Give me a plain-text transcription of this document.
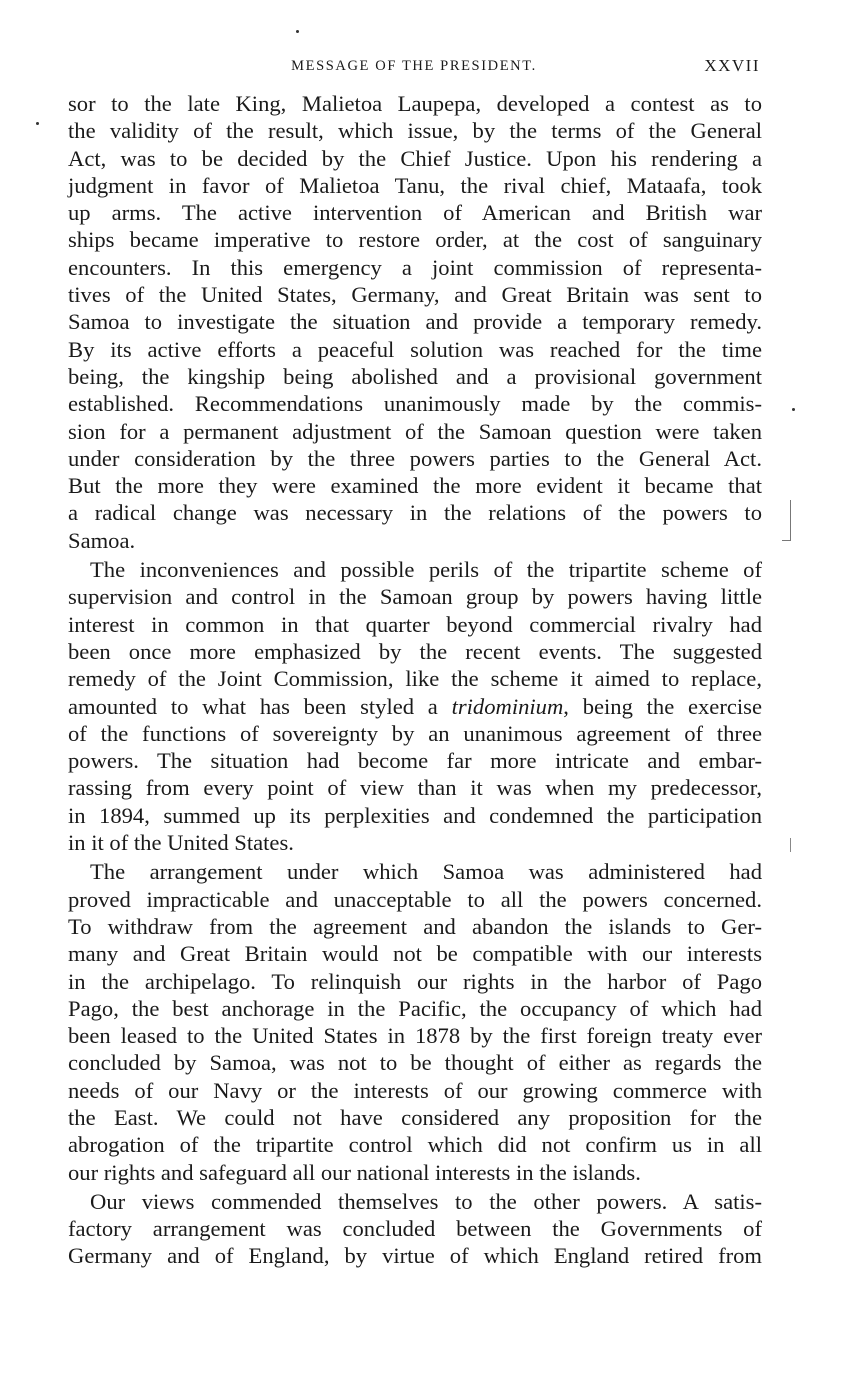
MESSAGE OF THE PRESIDENT.	XXVII
sor to the late King, Malietoa Laupepa, developed a contest as to
the validity of the result, which issue, by the terms of the General
Act, was to be decided by the Chief Justice. Upon his rendering a
judgment in favor of Malietoa Tanu, the rival chief, Mataafa, took
up arms. The active intervention of American and British war
ships became imperative to restore order, at the cost of sanguinary
encounters. In this emergency a joint commission of representa-
tives of the United States, Germany, and Great Britain was sent to
Samoa to investigate the situation and provide a temporary remedy.
By its active efforts a peaceful solution was reached for the time
being, the kingship being abolished and a provisional government
established. Recommendations unanimously made by the commis-
sion for a permanent adjustment of the Samoan question were taken
under consideration by the three powers parties to the General Act.
But the more they were examined the more evident it became that
a radical change was necessary in the relations of the powers to
Samoa.
The inconveniences and possible perils of the tripartite scheme of
supervision and control in the Samoan group by powers having little
interest in common in that quarter beyond commercial rivalry had
been once more emphasized by the recent events. The suggested
remedy of the Joint Commission, like the scheme it aimed to replace,
amounted to what has been styled a tridominium, being the exercise
of the functions of sovereignty by an unanimous agreement of three
powers. The situation had become far more intricate and embar-
rassing from every point of view than it was when my predecessor,
in 1894, summed up its perplexities and condemned the participation
in it of the United States.
The arrangement under which Samoa was administered had
proved impracticable and unacceptable to all the powers concerned.
To withdraw from the agreement and abandon the islands to Ger-
many and Great Britain would not be compatible with our interests
in the archipelago. To relinquish our rights in the harbor of Pago
Pago, the best anchorage in the Pacific, the occupancy of which had
been leased to the United States in 1878 by the first foreign treaty ever
concluded by Samoa, was not to be thought of either as regards the
needs of our Navy or the interests of our growing commerce with
the East. We could not have considered any proposition for the
abrogation of the tripartite control which did not confirm us in all
our rights and safeguard all our national interests in the islands.
Our views commended themselves to the other powers. A satis-
factory arrangement was concluded between the Governments of
Germany and of England, by virtue of which England retired from
